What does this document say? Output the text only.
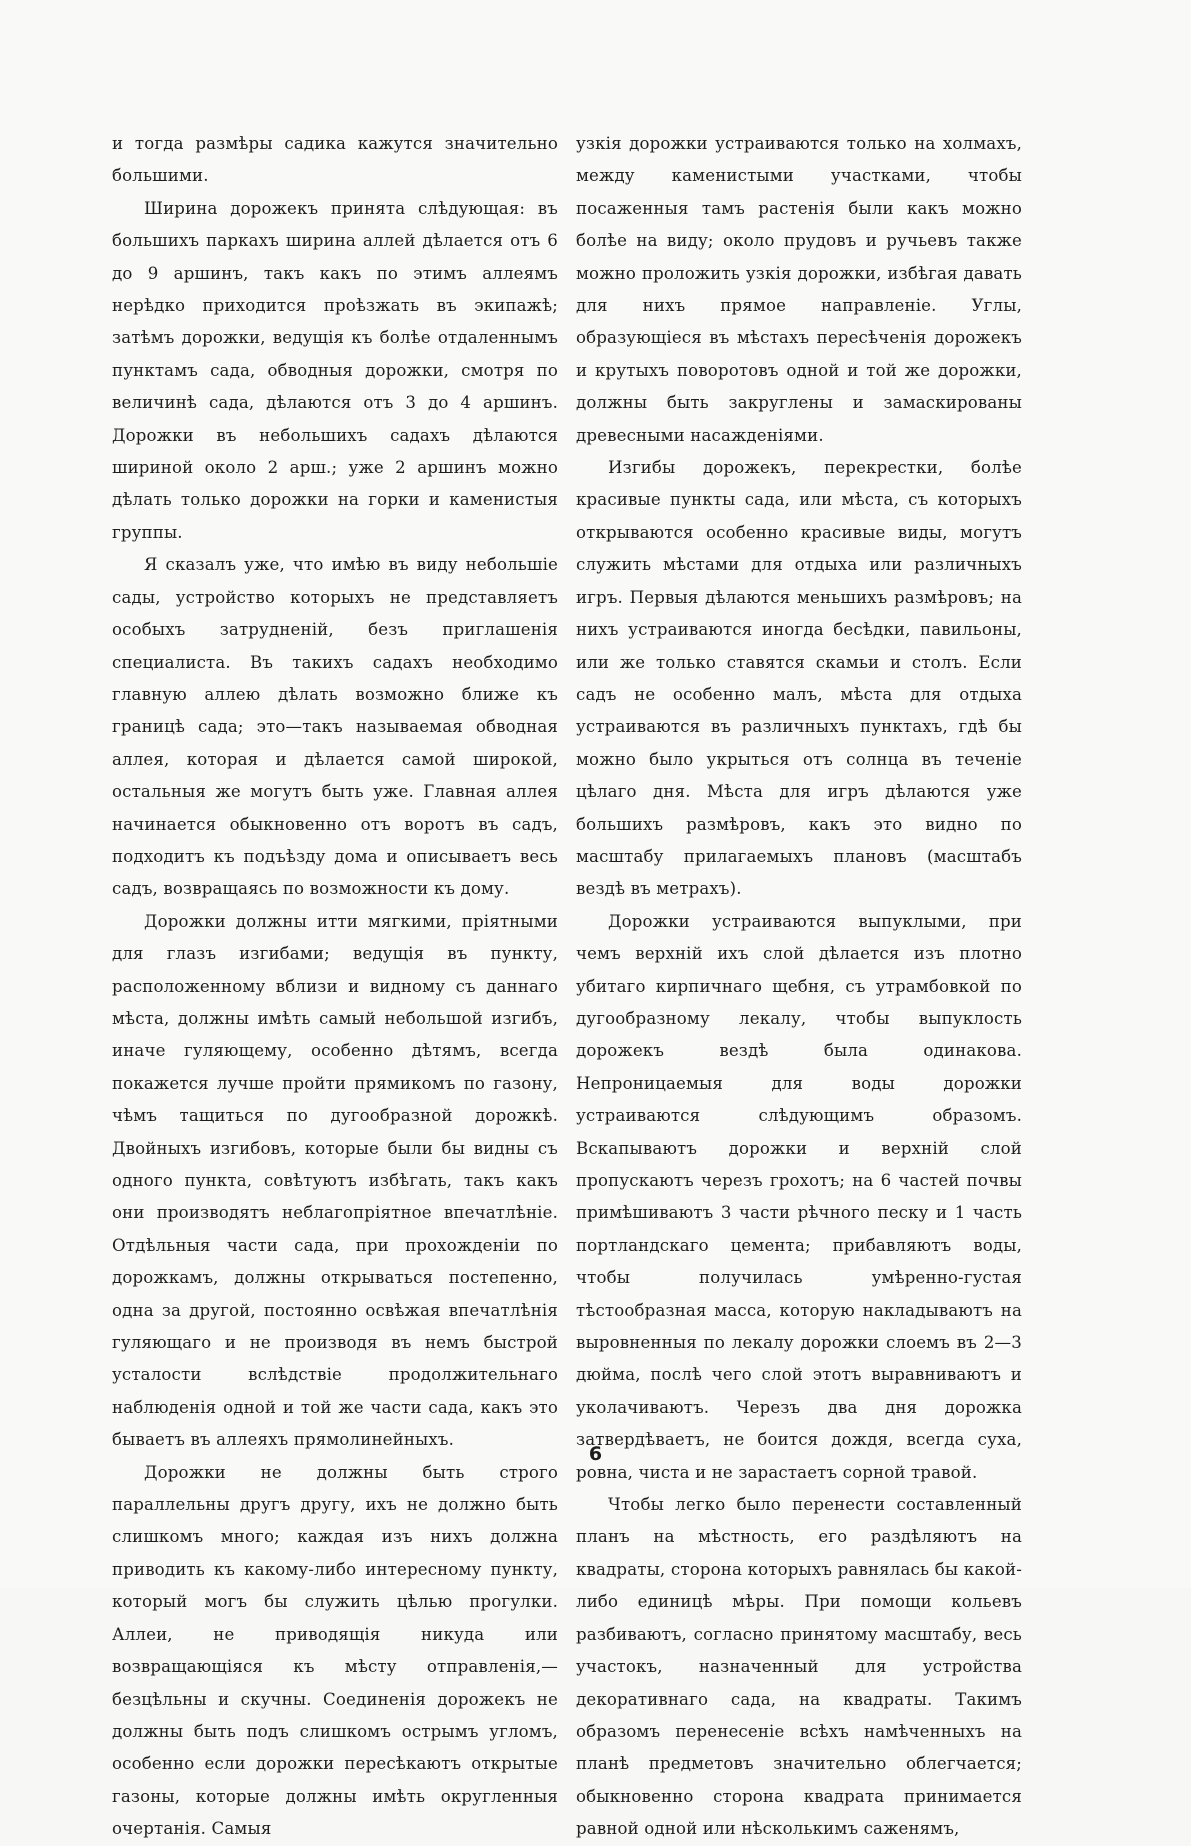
и тогда размѣры садика кажутся значительно большими.

Ширина дорожекъ принята слѣдующая: въ большихъ паркахъ ширина аллей дѣлается отъ 6 до 9 аршинъ, такъ какъ по этимъ аллеямъ нерѣдко приходится проѣзжать въ экипажѣ; затѣмъ дорожки, ведущія къ болѣе отдаленнымъ пунктамъ сада, обводныя дорожки, смотря по величинѣ сада, дѣлаются отъ 3 до 4 аршинъ. Дорожки въ небольшихъ садахъ дѣлаются шириной около 2 арш.; уже 2 аршинъ можно дѣлать только дорожки на горки и каменистыя группы.

Я сказалъ уже, что имѣю въ виду небольшіе сады, устройство которыхъ не представляетъ особыхъ затрудненій, безъ приглашенія специалиста. Въ такихъ садахъ необходимо главную аллею дѣлать возможно ближе къ границѣ сада; это—такъ называемая обводная аллея, которая и дѣлается самой широкой, остальныя же могутъ быть уже. Главная аллея начинается обыкновенно отъ воротъ въ садъ, подходитъ къ подъѣзду дома и описываетъ весь садъ, возвращаясь по возможности къ дому.

Дорожки должны итти мягкими, пріятными для глазъ изгибами; ведущія въ пункту, расположенному вблизи и видному съ даннаго мѣста, должны имѣть самый небольшой изгибъ, иначе гуляющему, особенно дѣтямъ, всегда покажется лучше пройти прямикомъ по газону, чѣмъ тащиться по дугообразной дорожкѣ. Двойныхъ изгибовъ, которые были бы видны съ одного пункта, совѣтуютъ избѣгать, такъ какъ они производятъ неблагопріятное впечатлѣніе. Отдѣльныя части сада, при прохожденіи по дорожкамъ, должны открываться постепенно, одна за другой, постоянно освѣжая впечатлѣнія гуляющаго и не производя въ немъ быстрой усталости вслѣдствіе продолжительнаго наблюденія одной и той же части сада, какъ это бываетъ въ аллеяхъ прямолинейныхъ.

Дорожки не должны быть строго параллельны другъ другу, ихъ не должно быть слишкомъ много; каждая изъ нихъ должна приводить къ какому-либо интересному пункту, который могъ бы служить цѣлью прогулки. Аллеи, не приводящія никуда или возвращающіяся къ мѣсту отправленія,—безцѣльны и скучны. Соединенія дорожекъ не должны быть подъ слишкомъ острымъ угломъ, особенно если дорожки пересѣкаютъ открытые газоны, которые должны имѣть округленныя очертанія. Самыя

узкія дорожки устраиваются только на холмахъ, между каменистыми участками, чтобы посаженныя тамъ растенія были какъ можно болѣе на виду; около прудовъ и ручьевъ также можно проложить узкія дорожки, избѣгая давать для нихъ прямое направленіе. Углы, образующіеся въ мѣстахъ пересѣченія дорожекъ и крутыхъ поворотовъ одной и той же дорожки, должны быть закруглены и замаскированы древесными насажденіями.

Изгибы дорожекъ, перекрестки, болѣе красивые пункты сада, или мѣста, съ которыхъ открываются особенно красивые виды, могутъ служить мѣстами для отдыха или различныхъ игръ. Первыя дѣлаются меньшихъ размѣровъ; на нихъ устраиваются иногда бесѣдки, павильоны, или же только ставятся скамьи и столъ. Если садъ не особенно малъ, мѣста для отдыха устраиваются въ различныхъ пунктахъ, гдѣ бы можно было укрыться отъ солнца въ теченіе цѣлаго дня. Мѣста для игръ дѣлаются уже большихъ размѣровъ, какъ это видно по масштабу прилагаемыхъ плановъ (масштабъ вездѣ въ метрахъ).

Дорожки устраиваются выпуклыми, при чемъ верхній ихъ слой дѣлается изъ плотно убитаго кирпичнаго щебня, съ утрамбовкой по дугообразному лекалу, чтобы выпуклость дорожекъ вездѣ была одинакова. Непроницаемыя для воды дорожки устраиваются слѣдующимъ образомъ. Вскапываютъ дорожки и верхній слой пропускаютъ черезъ грохотъ; на 6 частей почвы примѣшиваютъ 3 части рѣчного песку и 1 часть портландскаго цемента; прибавляютъ воды, чтобы получилась умѣренно-густая тѣстообразная масса, которую накладываютъ на выровненныя по лекалу дорожки слоемъ въ 2—3 дюйма, послѣ чего слой этотъ выравниваютъ и уколачиваютъ. Черезъ два дня дорожка затвердѣваетъ, не боится дождя, всегда суха, ровна, чиста и не зарастаетъ сорной травой.

Чтобы легко было перенести составленный планъ на мѣстность, его раздѣляютъ на квадраты, сторона которыхъ равнялась бы какой-либо единицѣ мѣры. При помощи кольевъ разбиваютъ, согласно принятому масштабу, весь участокъ, назначенный для устройства декоративнаго сада, на квадраты. Такимъ образомъ перенесеніе всѣхъ намѣченныхъ на планѣ предметовъ значительно облегчается; обыкновенно сторона квадрата принимается равной одной или нѣсколькимъ саженямъ,

6
